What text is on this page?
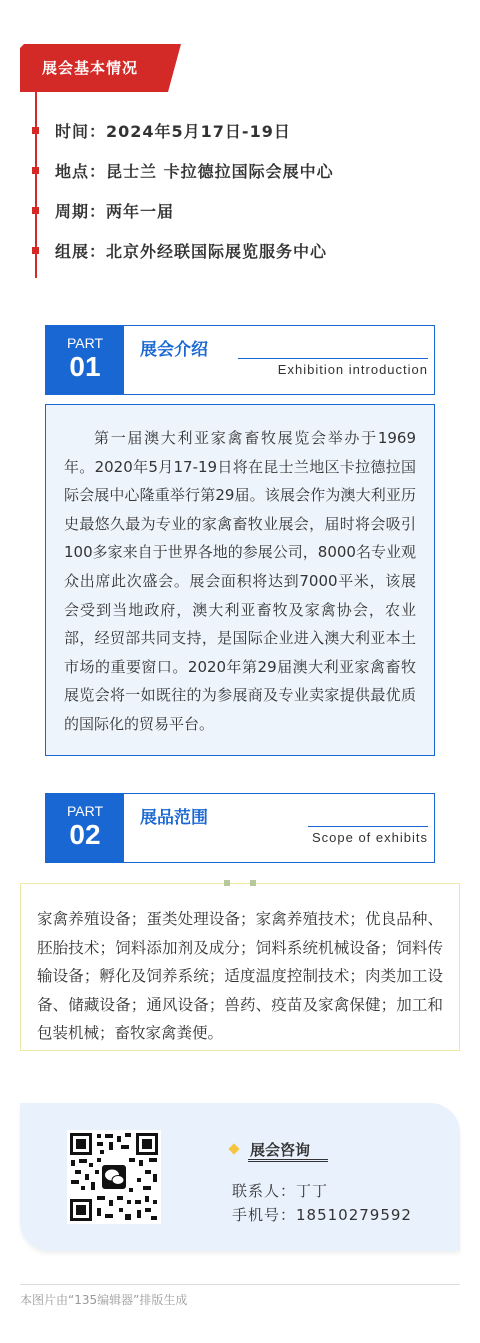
展会基本情况
时间：2024年5月17日-19日
地点：昆士兰 卡拉德拉国际会展中心
周期：两年一届
组展：北京外经联国际展览服务中心
PART
01
展会介绍
Exhibition introduction

第一届澳大利亚家禽畜牧展览会举办于1969年。2020年5月17-19日将在昆士兰地区卡拉德拉国际会展中心隆重举行第29届。该展会作为澳大利亚历史最悠久最为专业的家禽畜牧业展会，届时将会吸引100多家来自于世界各地的参展公司，8000名专业观众出席此次盛会。展会面积将达到7000平米，该展会受到当地政府，澳大利亚畜牧及家禽协会，农业部，经贸部共同支持，是国际企业进入澳大利亚本土市场的重要窗口。2020年第29届澳大利亚家禽畜牧展览会将一如既往的为参展商及专业卖家提供最优质的国际化的贸易平台。

PART
02
展品范围
Scope of exhibits

家禽养殖设备；蛋类处理设备；家禽养殖技术；优良品种、胚胎技术；饲料添加剂及成分；饲料系统机械设备；饲料传输设备；孵化及饲养系统；适度温度控制技术；肉类加工设备、储藏设备；通风设备；兽药、疫苗及家禽保健；加工和包装机械；畜牧家禽粪便。

展会咨询
联系人：丁丁
手机号：18510279592
本图片由“135编辑器”排版生成
